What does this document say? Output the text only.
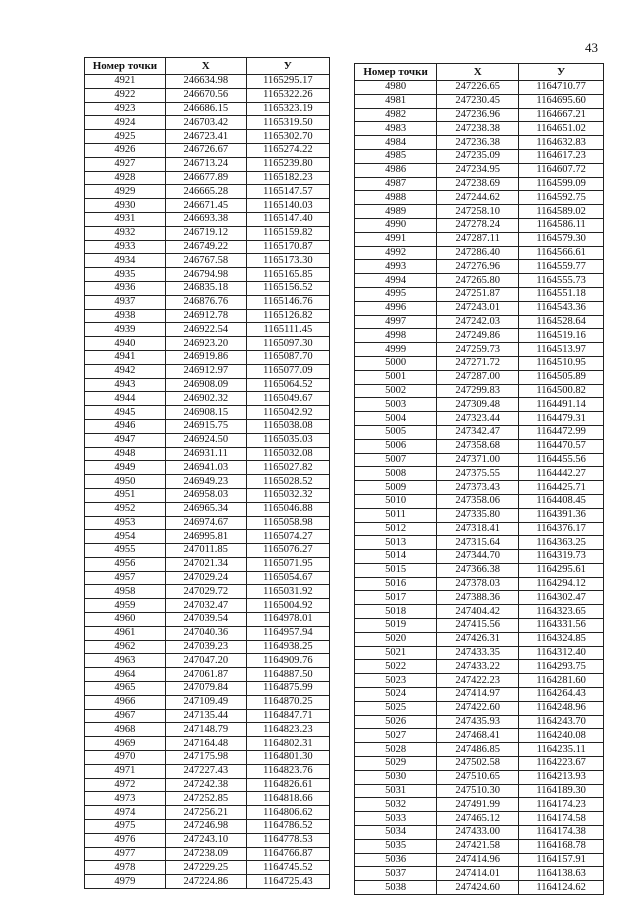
43
Номер точки	X	У
4921	246634.98	1165295.17
4922	246670.56	1165322.26
4923	246686.15	1165323.19
4924	246703.42	1165319.50
4925	246723.41	1165302.70
4926	246726.67	1165274.22
4927	246713.24	1165239.80
4928	246677.89	1165182.23
4929	246665.28	1165147.57
4930	246671.45	1165140.03
4931	246693.38	1165147.40
4932	246719.12	1165159.82
4933	246749.22	1165170.87
4934	246767.58	1165173.30
4935	246794.98	1165165.85
4936	246835.18	1165156.52
4937	246876.76	1165146.76
4938	246912.78	1165126.82
4939	246922.54	1165111.45
4940	246923.20	1165097.30
4941	246919.86	1165087.70
4942	246912.97	1165077.09
4943	246908.09	1165064.52
4944	246902.32	1165049.67
4945	246908.15	1165042.92
4946	246915.75	1165038.08
4947	246924.50	1165035.03
4948	246931.11	1165032.08
4949	246941.03	1165027.82
4950	246949.23	1165028.52
4951	246958.03	1165032.32
4952	246965.34	1165046.88
4953	246974.67	1165058.98
4954	246995.81	1165074.27
4955	247011.85	1165076.27
4956	247021.34	1165071.95
4957	247029.24	1165054.67
4958	247029.72	1165031.92
4959	247032.47	1165004.92
4960	247039.54	1164978.01
4961	247040.36	1164957.94
4962	247039.23	1164938.25
4963	247047.20	1164909.76
4964	247061.87	1164887.50
4965	247079.84	1164875.99
4966	247109.49	1164870.25
4967	247135.44	1164847.71
4968	247148.79	1164823.23
4969	247164.48	1164802.31
4970	247175.98	1164801.30
4971	247227.43	1164823.76
4972	247242.38	1164826.61
4973	247252.85	1164818.66
4974	247256.21	1164806.62
4975	247246.98	1164786.52
4976	247243.10	1164778.53
4977	247238.09	1164766.87
4978	247229.25	1164745.52
4979	247224.86	1164725.43
Номер точки	X	У
4980	247226.65	1164710.77
4981	247230.45	1164695.60
4982	247236.96	1164667.21
4983	247238.38	1164651.02
4984	247236.38	1164632.83
4985	247235.09	1164617.23
4986	247234.95	1164607.72
4987	247238.69	1164599.09
4988	247244.62	1164592.75
4989	247258.10	1164589.02
4990	247278.24	1164586.11
4991	247287.11	1164579.30
4992	247286.40	1164566.61
4993	247276.96	1164559.77
4994	247265.80	1164555.73
4995	247251.87	1164551.18
4996	247243.01	1164543.36
4997	247242.03	1164528.64
4998	247249.86	1164519.16
4999	247259.73	1164513.97
5000	247271.72	1164510.95
5001	247287.00	1164505.89
5002	247299.83	1164500.82
5003	247309.48	1164491.14
5004	247323.44	1164479.31
5005	247342.47	1164472.99
5006	247358.68	1164470.57
5007	247371.00	1164455.56
5008	247375.55	1164442.27
5009	247373.43	1164425.71
5010	247358.06	1164408.45
5011	247335.80	1164391.36
5012	247318.41	1164376.17
5013	247315.64	1164363.25
5014	247344.70	1164319.73
5015	247366.38	1164295.61
5016	247378.03	1164294.12
5017	247388.36	1164302.47
5018	247404.42	1164323.65
5019	247415.56	1164331.56
5020	247426.31	1164324.85
5021	247433.35	1164312.40
5022	247433.22	1164293.75
5023	247422.23	1164281.60
5024	247414.97	1164264.43
5025	247422.60	1164248.96
5026	247435.93	1164243.70
5027	247468.41	1164240.08
5028	247486.85	1164235.11
5029	247502.58	1164223.67
5030	247510.65	1164213.93
5031	247510.30	1164189.30
5032	247491.99	1164174.23
5033	247465.12	1164174.58
5034	247433.00	1164174.38
5035	247421.58	1164168.78
5036	247414.96	1164157.91
5037	247414.01	1164138.63
5038	247424.60	1164124.62
